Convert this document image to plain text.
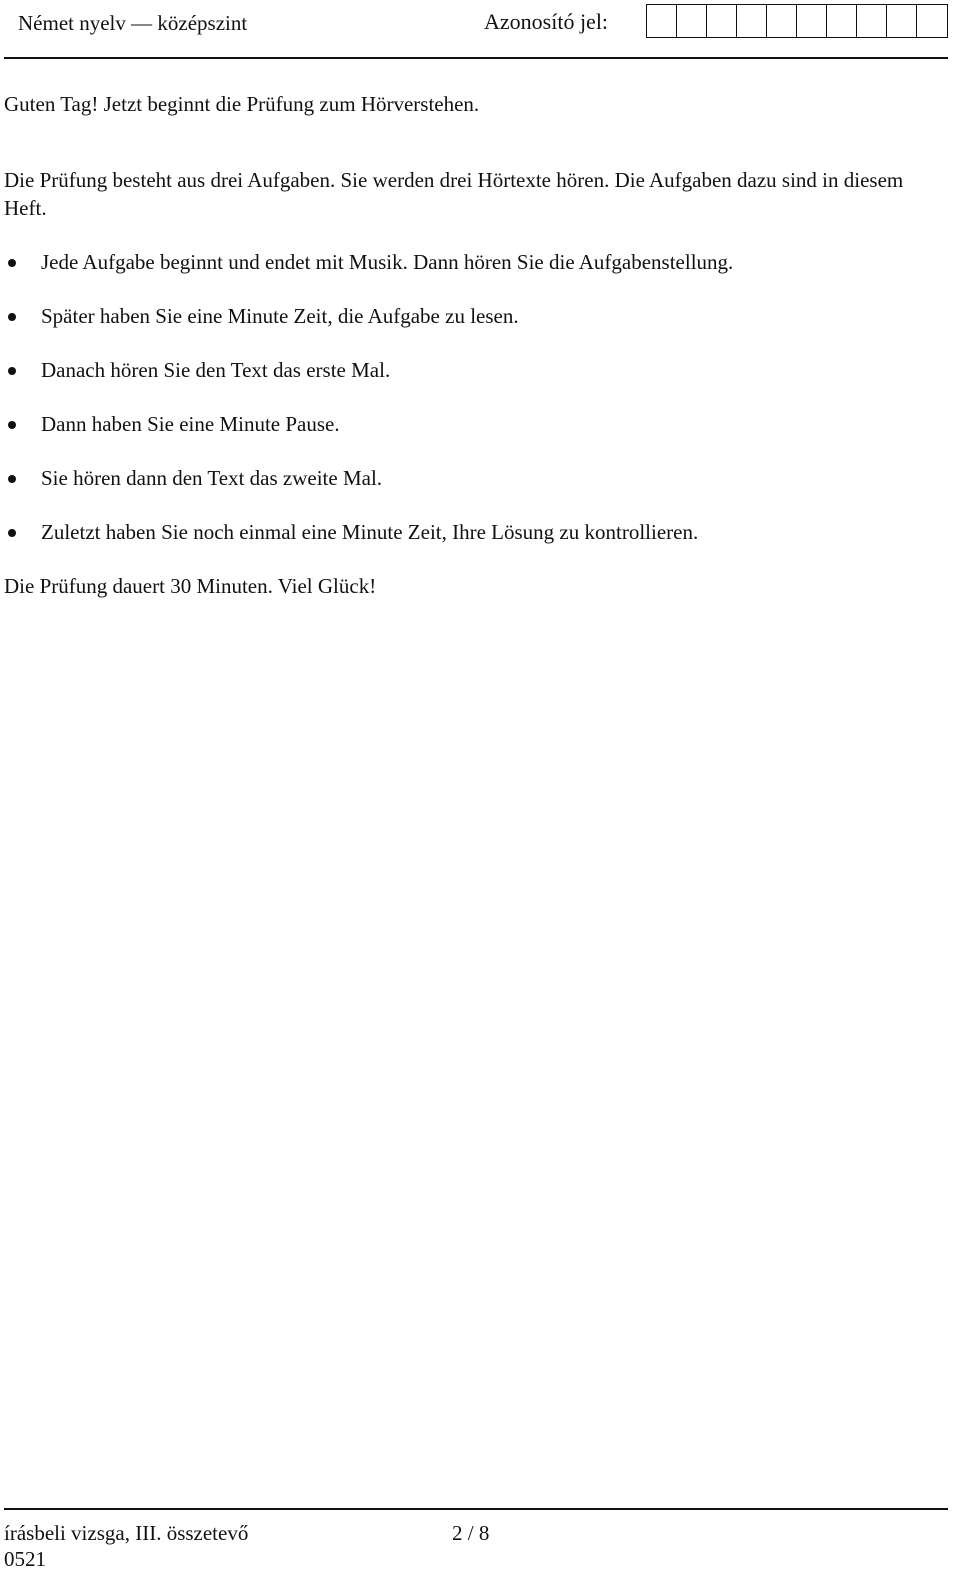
Német nyelv — középszint	Azonosító jel:

Guten Tag! Jetzt beginnt die Prüfung zum Hörverstehen.

Die Prüfung besteht aus drei Aufgaben. Sie werden drei Hörtexte hören. Die Aufgaben dazu sind in diesem Heft.

Jede Aufgabe beginnt und endet mit Musik. Dann hören Sie die Aufgabenstellung.
Später haben Sie eine Minute Zeit, die Aufgabe zu lesen.
Danach hören Sie den Text das erste Mal.
Dann haben Sie eine Minute Pause.
Sie hören dann den Text das zweite Mal.
Zuletzt haben Sie noch einmal eine Minute Zeit, Ihre Lösung zu kontrollieren.

Die Prüfung dauert 30 Minuten. Viel Glück!

írásbeli vizsga, III. összetevő	2 / 8
0521
